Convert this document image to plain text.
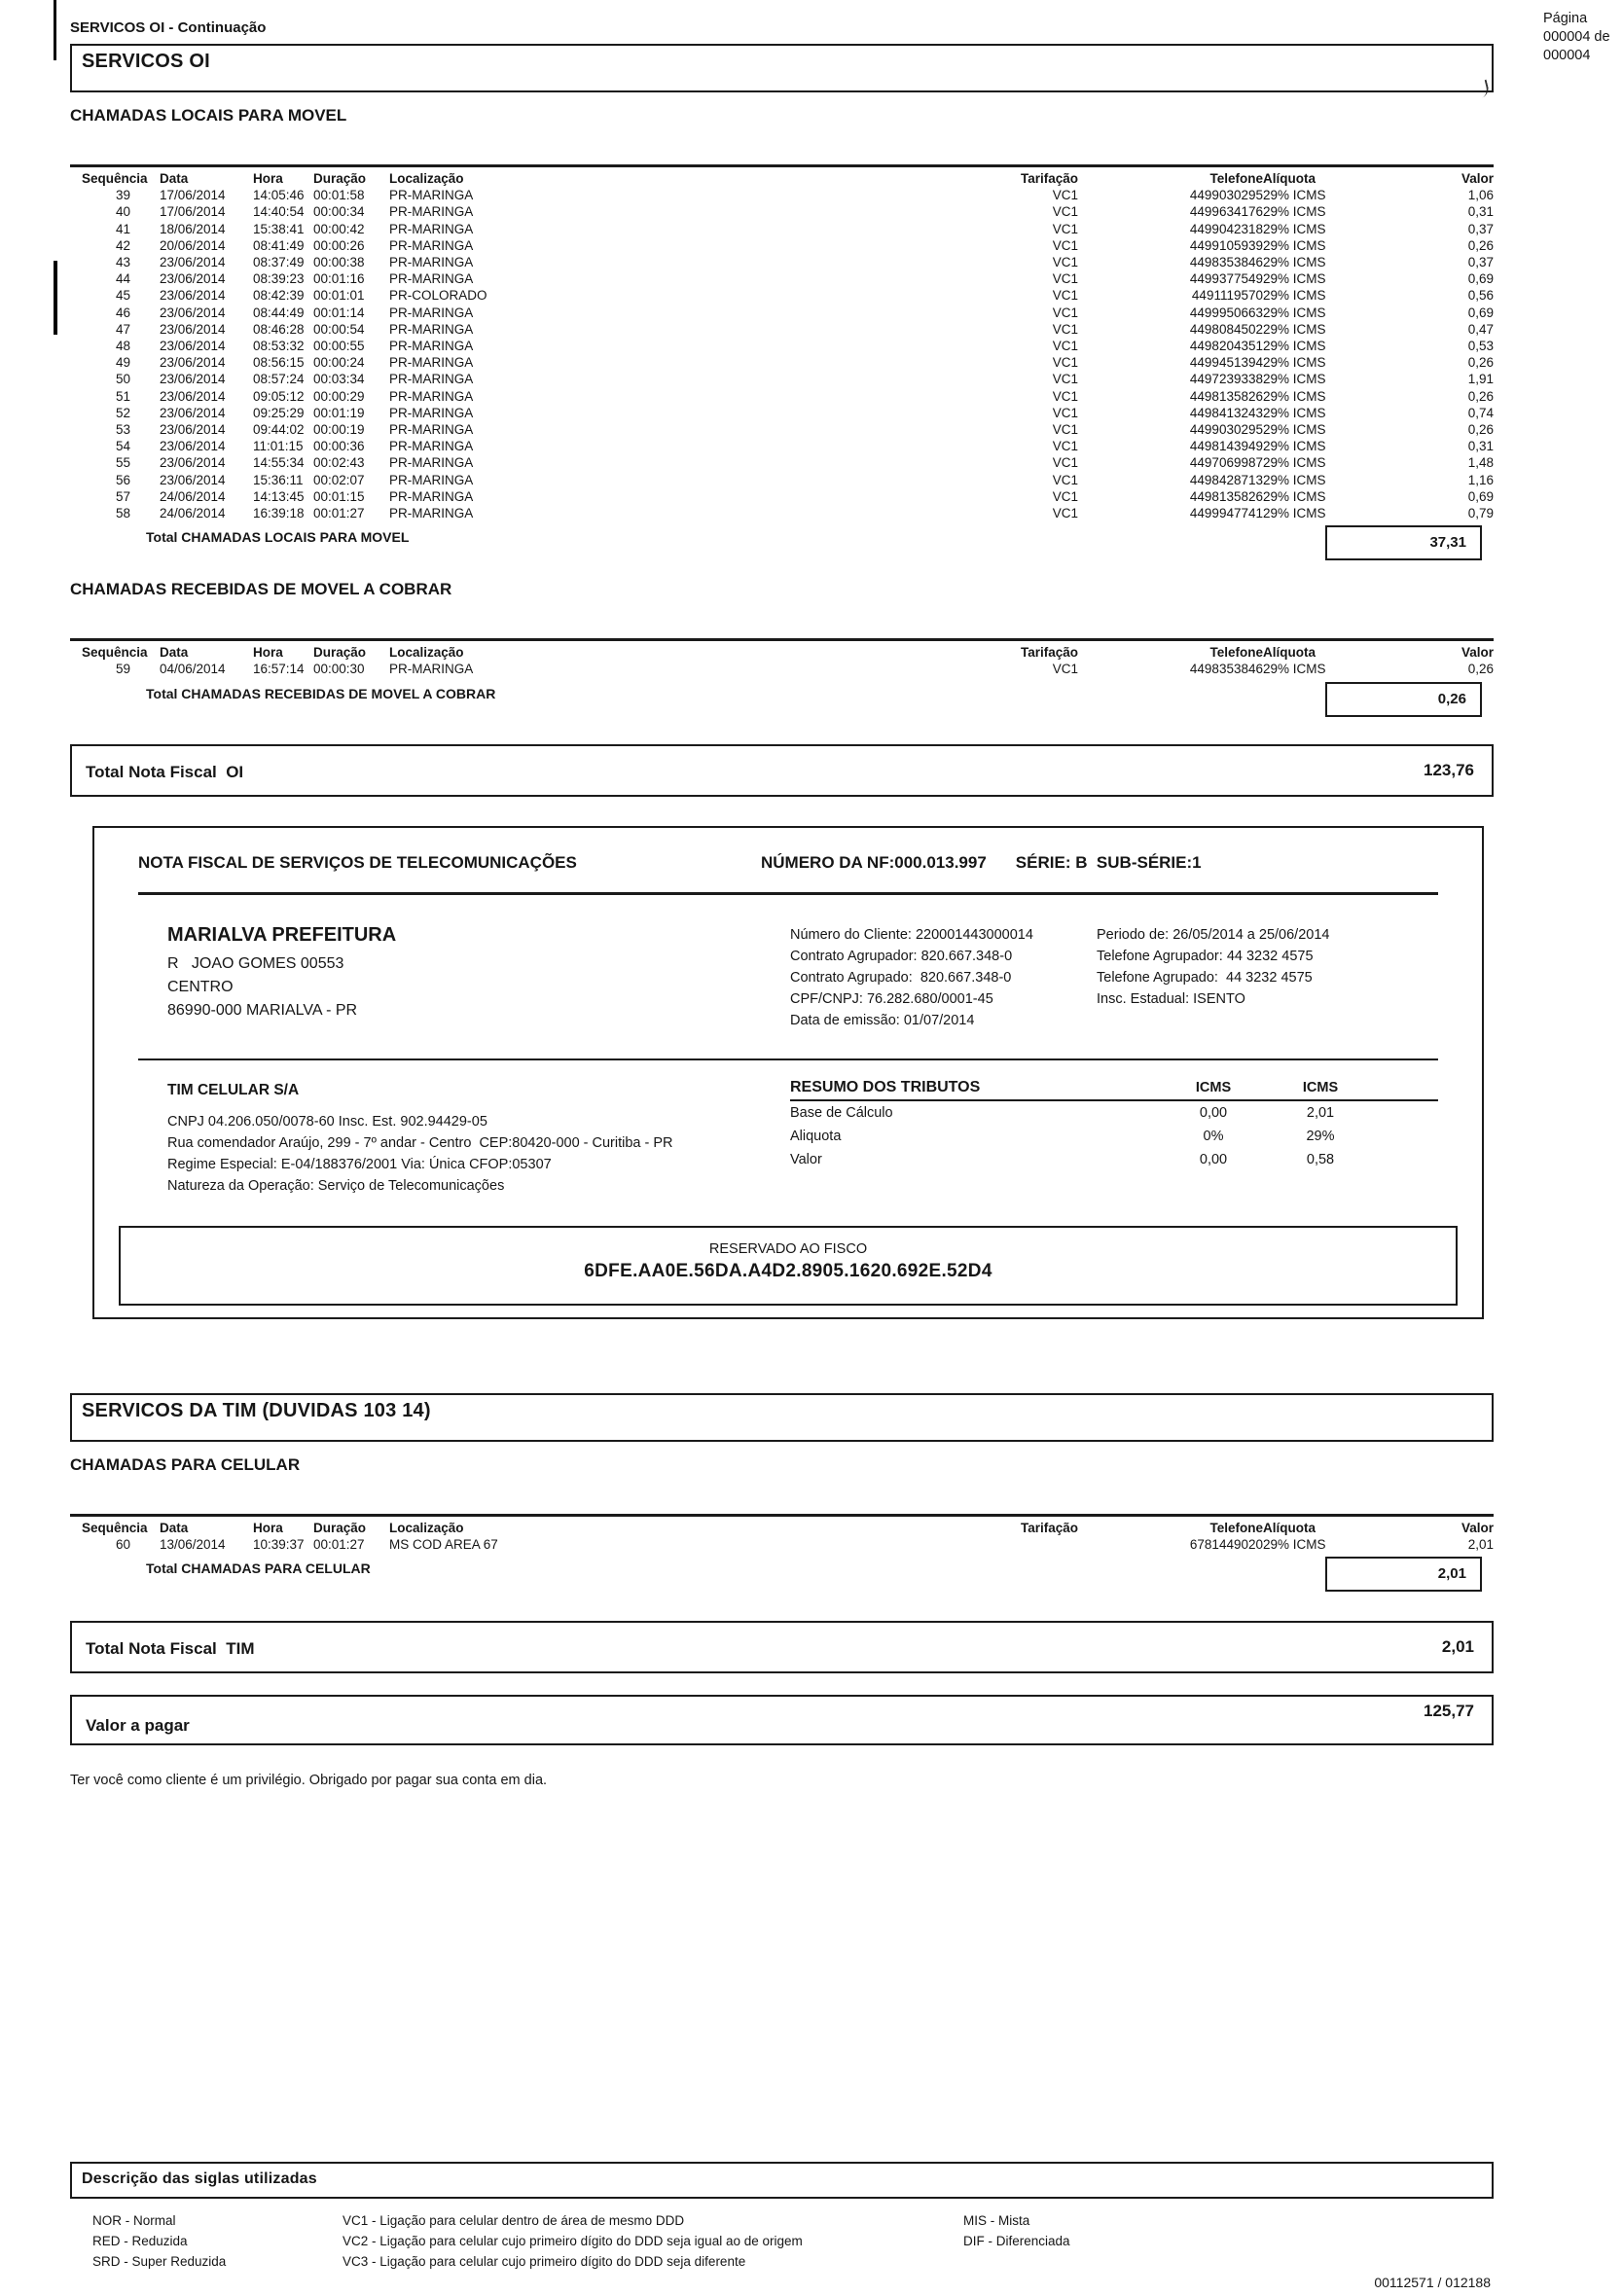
Página
000004 de
000004
SERVICOS OI - Continuação
SERVICOS OI
CHAMADAS LOCAIS PARA MOVEL
Sequência	Data	Hora	Duração	Localização	Tarifação	Telefone	Alíquota	Valor
39	17/06/2014	14:05:46	00:01:58	PR-MARINGA	VC1	4499030295	29% ICMS	1,06
40	17/06/2014	14:40:54	00:00:34	PR-MARINGA	VC1	4499634176	29% ICMS	0,31
41	18/06/2014	15:38:41	00:00:42	PR-MARINGA	VC1	4499042318	29% ICMS	0,37
42	20/06/2014	08:41:49	00:00:26	PR-MARINGA	VC1	4499105939	29% ICMS	0,26
43	23/06/2014	08:37:49	00:00:38	PR-MARINGA	VC1	4498353846	29% ICMS	0,37
44	23/06/2014	08:39:23	00:01:16	PR-MARINGA	VC1	4499377549	29% ICMS	0,69
45	23/06/2014	08:42:39	00:01:01	PR-COLORADO	VC1	4491119570	29% ICMS	0,56
46	23/06/2014	08:44:49	00:01:14	PR-MARINGA	VC1	4499950663	29% ICMS	0,69
47	23/06/2014	08:46:28	00:00:54	PR-MARINGA	VC1	4498084502	29% ICMS	0,47
48	23/06/2014	08:53:32	00:00:55	PR-MARINGA	VC1	4498204351	29% ICMS	0,53
49	23/06/2014	08:56:15	00:00:24	PR-MARINGA	VC1	4499451394	29% ICMS	0,26
50	23/06/2014	08:57:24	00:03:34	PR-MARINGA	VC1	4497239338	29% ICMS	1,91
51	23/06/2014	09:05:12	00:00:29	PR-MARINGA	VC1	4498135826	29% ICMS	0,26
52	23/06/2014	09:25:29	00:01:19	PR-MARINGA	VC1	4498413243	29% ICMS	0,74
53	23/06/2014	09:44:02	00:00:19	PR-MARINGA	VC1	4499030295	29% ICMS	0,26
54	23/06/2014	11:01:15	00:00:36	PR-MARINGA	VC1	4498143949	29% ICMS	0,31
55	23/06/2014	14:55:34	00:02:43	PR-MARINGA	VC1	4497069987	29% ICMS	1,48
56	23/06/2014	15:36:11	00:02:07	PR-MARINGA	VC1	4498428713	29% ICMS	1,16
57	24/06/2014	14:13:45	00:01:15	PR-MARINGA	VC1	4498135826	29% ICMS	0,69
58	24/06/2014	16:39:18	00:01:27	PR-MARINGA	VC1	4499947741	29% ICMS	0,79
Total CHAMADAS LOCAIS PARA MOVEL	37,31
CHAMADAS RECEBIDAS DE MOVEL A COBRAR
Sequência	Data	Hora	Duração	Localização	Tarifação	Telefone	Alíquota	Valor
59	04/06/2014	16:57:14	00:00:30	PR-MARINGA	VC1	4498353846	29% ICMS	0,26
Total CHAMADAS RECEBIDAS DE MOVEL A COBRAR	0,26
Total Nota Fiscal  OI	123,76
NOTA FISCAL DE SERVIÇOS DE TELECOMUNICAÇÕES	NÚMERO DA NF:000.013.997 SÉRIE: B  SUB-SÉRIE:1
MARIALVA PREFEITURA
R   JOAO GOMES 00553
CENTRO
86990-000 MARIALVA - PR
Número do Cliente: 220001443000014
Contrato Agrupador: 820.667.348-0
Contrato Agrupado:  820.667.348-0
CPF/CNPJ: 76.282.680/0001-45
Data de emissão: 01/07/2014
Periodo de: 26/05/2014 a 25/06/2014
Telefone Agrupador: 44 3232 4575
Telefone Agrupado:  44 3232 4575
Insc. Estadual: ISENTO
TIM CELULAR S/A
CNPJ 04.206.050/0078-60 Insc. Est. 902.94429-05
Rua comendador Araújo, 299 - 7º andar - Centro  CEP:80420-000 - Curitiba - PR
Regime Especial: E-04/188376/2001 Via: Única CFOP:05307
Natureza da Operação: Serviço de Telecomunicações
RESUMO DOS TRIBUTOS	ICMS	ICMS	
Base de Cálculo	0,00	2,01	
Aliquota	0%	29%	
Valor	0,00	0,58	
RESERVADO AO FISCO
6DFE.AA0E.56DA.A4D2.8905.1620.692E.52D4
SERVICOS DA TIM (DUVIDAS 103 14)
CHAMADAS PARA CELULAR
Sequência	Data	Hora	Duração	Localização	Tarifação	Telefone	Alíquota	Valor
60	13/06/2014	10:39:37	00:01:27	MS COD AREA 67		6781449020	29% ICMS	2,01
Total CHAMADAS PARA CELULAR	2,01
Total Nota Fiscal  TIM	2,01
Valor a pagar
125,77
Ter você como cliente é um privilégio. Obrigado por pagar sua conta em dia.
Descrição das siglas utilizadas
NOR - Normal
RED - Reduzida
SRD - Super Reduzida
VC1 - Ligação para celular dentro de área de mesmo DDD
VC2 - Ligação para celular cujo primeiro dígito do DDD seja igual ao de origem
VC3 - Ligação para celular cujo primeiro dígito do DDD seja diferente
MIS - Mista
DIF - Diferenciada
00112571 / 012188
